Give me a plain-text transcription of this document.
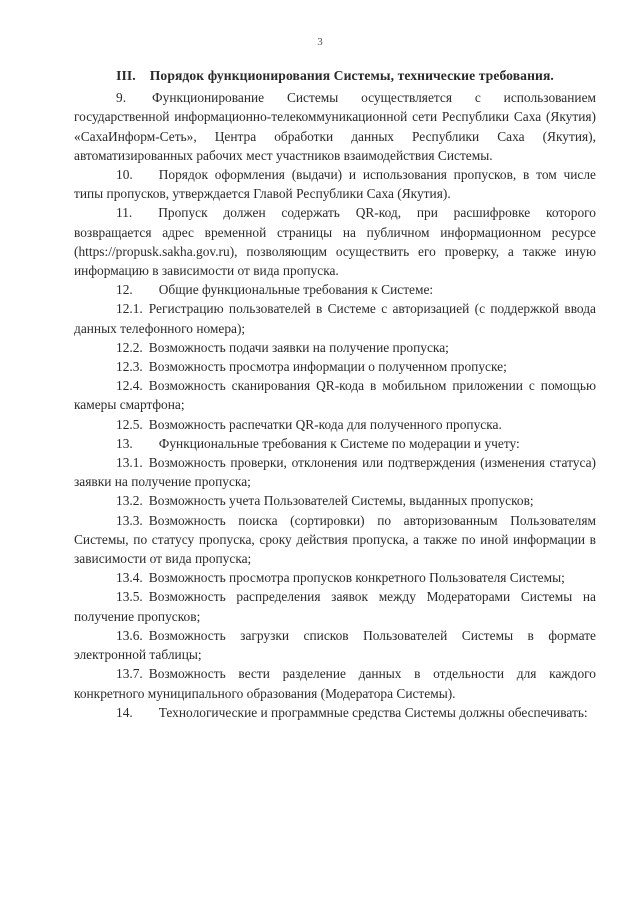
3

III. Порядок функционирования Системы, технические требования.

9. Функционирование Системы осуществляется с использованием государственной информационно-телекоммуникационной сети Республики Саха (Якутия) «СахаИнформ-Сеть», Центра обработки данных Республики Саха (Якутия), автоматизированных рабочих мест участников взаимодействия Системы.

10. Порядок оформления (выдачи) и использования пропусков, в том числе типы пропусков, утверждается Главой Республики Саха (Якутия).

11. Пропуск должен содержать QR-код, при расшифровке которого возвращается адрес временной страницы на публичном информационном ресурсе (https://propusk.sakha.gov.ru), позволяющим осуществить его проверку, а также иную информацию в зависимости от вида пропуска.

12. Общие функциональные требования к Системе:

12.1. Регистрацию пользователей в Системе с авторизацией (с поддержкой ввода данных телефонного номера);

12.2. Возможность подачи заявки на получение пропуска;

12.3. Возможность просмотра информации о полученном пропуске;

12.4. Возможность сканирования QR-кода в мобильном приложении с помощью камеры смартфона;

12.5. Возможность распечатки QR-кода для полученного пропуска.

13. Функциональные требования к Системе по модерации и учету:

13.1. Возможность проверки, отклонения или подтверждения (изменения статуса) заявки на получение пропуска;

13.2. Возможность учета Пользователей Системы, выданных пропусков;

13.3. Возможность поиска (сортировки) по авторизованным Пользователям Системы, по статусу пропуска, сроку действия пропуска, а также по иной информации в зависимости от вида пропуска;

13.4. Возможность просмотра пропусков конкретного Пользователя Системы;

13.5. Возможность распределения заявок между Модераторами Системы на получение пропусков;

13.6. Возможность загрузки списков Пользователей Системы в формате электронной таблицы;

13.7. Возможность вести разделение данных в отдельности для каждого конкретного муниципального образования (Модератора Системы).

14. Технологические и программные средства Системы должны обеспечивать:
